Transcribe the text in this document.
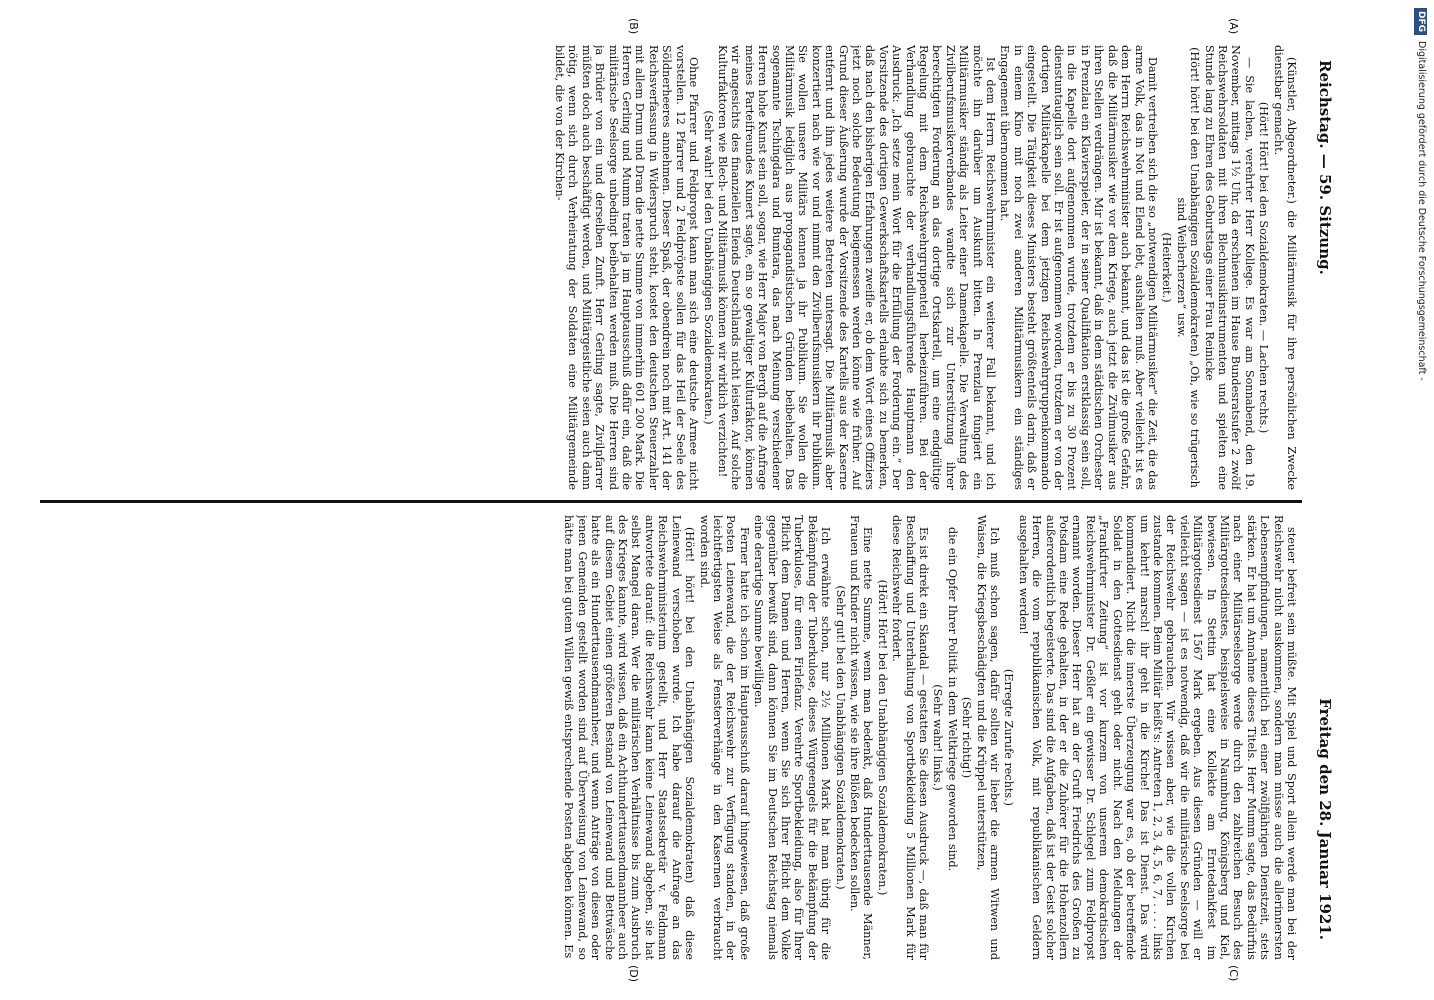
Reichstag. — 59. Sitzung.
Freitag den 28. Januar 1921.
(A)
(B)
(C)
(D)

(Künstler, Abgeordneter.) die Militärmusik für ihre persönlichen Zwecke dienstbar gemacht.

(Hört! Hört! bei den Sozialdemokraten. — Lachen rechts.)

— Sie lachen, verehrter Herr Kollege. Es war am Sonnabend, den 19. November, mittags 1½ Uhr, da erschienen im Hause Bundesratsufer 2 zwölf Reichswehrsoldaten mit ihren Blechmusikinstrumenten und spielten eine Stunde lang zu Ehren des Geburtstags einer Frau Reinicke

(Hört! hört! bei den Unabhängigen Sozialdemokraten) „Oh, wie so trügerisch sind Weiberherzen“ usw.

(Heiterkeit.)

Damit vertreiben sich die so „notwendigen Militärmusiker“ die Zeit, die das arme Volk, das in Not und Elend lebt, aushalten muß. Aber vielleicht ist es dem Herrn Reichswehrminister auch bekannt, und das ist die große Gefahr, daß die Militärmusiker wie vor dem Kriege, auch jetzt die Zivilmusiker aus ihren Stellen verdrängen. Mir ist bekannt, daß in dem städtischen Orchester in Prenzlau ein Klavierspieler, der in seiner Qualifikation erstklassig sein soll, in die Kapelle dort aufgenommen wurde, trotzdem er bis zu 30 Prozent dienstuntauglich sein soll. Er ist aufgenommen worden, trotzdem er von der dortigen Militärkapelle bei dem jetzigen Reichswehrgruppenkommando eingestellt. Die Tätigkeit dieses Ministers besteht größtenteils darin, daß er in einem Kino mit noch zwei anderen Militärmusikern ein ständiges Engagement übernommen hat.

Ist dem Herrn Reichswehrminister ein weiterer Fall bekannt, und ich möchte ihn darüber um Auskunft bitten. In Prenzlau fungiert ein Militärmusiker ständig als Leiter einer Damenkapelle. Die Verwaltung des Zivilberufsmusikerverbandes wandte sich zur Unterstützung ihrer berechtigten Forderung an das dortige Ortskartell, um eine endgültige Regelung mit dem Reichswehrgruppenteil herbeizuführen. Bei der Verhandlung gebrauchte der verhandlungsführende Hauptmann den Ausdruck: „Ich setze mein Wort für die Erfüllung der Forderung ein.“ Der Vorsitzende des dortigen Gewerkschaftskartells erlaubte sich zu bemerken, daß nach den bisherigen Erfahrungen zweifle er, ob dem Wort eines Offiziers jetzt noch solche Bedeutung beigemessen werden könne wie früher. Auf Grund dieser Äußerung wurde der Vorsitzende des Kartells aus der Kaserne entfernt und ihm jedes weitere Betreten untersagt. Die Militärmusik aber konzertiert nach wie vor und nimmt den Zivilberufsmusikern ihr Publikum. Sie wollen unsere Militärs kennen ja ihr Publikum. Sie wollen die Militärmusik lediglich aus propagandistischen Gründen beibehalten. Das sogenannte Tschingdara und Bumtara, das nach Meinung verschiedener Herren hohe Kunst sein soll, sogar, wie Herr Major von Bergh auf die Anfrage meines Parteifreundes Kunert sagte, ein so gewaltiger Kulturfaktor, können wir angesichts des finanziellen Elends Deutschlands nicht leisten. Auf solche Kulturfaktoren wie Blech- und Militärmusik können wir wirklich verzichten!

(Sehr wahr! bei den Unabhängigen Sozialdemokraten.)

Ohne Pfarrer und Feldpropst kann man sich eine deutsche Armee nicht vorstellen. 12 Pfarrer und 2 Feldpröpste sollen für das Heil der Seele des Söldnerheeres annehmen. Dieser Spaß, der obendrein noch mit Art. 141 der Reichsverfassung in Widerspruch steht, kostet den deutschen Steuerzahler mit allem Drum und Dran die nette Summe von immerhin 601 200 Mark. Die Herren Gerling und Mumm traten ja im Hauptausschuß dafür ein, daß die militärische Seelsorge unbedingt beibehalten werden muß. Die Herren sind ja Brüder von ein und derselben Zunft. Herr Gerling sagte, Zivilpfarrer müßten doch auch beschäftigt werden, und Militärgeistliche seien auch dann nötig, wenn sich durch Verheiratung der Soldaten eine Militärgemeinde bildet, die von der Kirchen-

steuer befreit sein müßte. Mit Spiel und Sport allein werde man bei der Reichswehr nicht auskommen, sondern man müsse auch die allerinnersten Lebensempfindungen, namentlich bei einer zwölfjährigen Dienstzeit, stets stärken. Er hat um Annahme dieses Titels. Herr Mumm sagte, das Bedürfnis nach einer Militärseelsorge werde durch den zahlreichen Besuch des Militärgottesdienstes, beispielsweise in Naumburg, Königsberg und Kiel, bewiesen. In Stettin hat eine Kollekte am Erntedankfest im Militärgottesdienst 1567 Mark ergeben. Aus diesen Gründen — will er vielleicht sagen — ist es notwendig, daß wir die militärische Seelsorge bei der Reichswehr gebrauchen. Wir wissen aber, wie die vollen Kirchen zustande kommen. Beim Militär heißt's: Antreten 1, 2, 3, 4, 5, 6, 7, . . . . links um kehrt! marsch! ihr geht in die Kirche! Das ist Dienst. Das wird kommandiert. Nicht die innerste Überzeugung war es, ob der betreffende Soldat in den Gottesdienst geht oder nicht. Nach den Meldungen der „Frankfurter Zeitung“ ist vor kurzem von unserem demokratischen Reichswehrminister Dr. Geßler ein gewisser Dr. Schlegel zum Feldpropst ernannt worden. Dieser Herr hat an der Gruft Friedrichs des Großen zu Potsdam eine Rede gehalten, in der er die Zuhörer für die Hohenzollern außerordentlich begeisterte. Das sind die Aufgaben, daß ist der Geist solcher Herren, die vom republikanischen Volk, mit republikanischen Geldern ausgehalten werden!

(Erregte Zurufe rechts.)

Ich muß schon sagen, dafür sollten wir lieber die armen Witwen und Waisen, die Kriegsbeschädigten und die Krüppel unterstützen,

(Sehr richtig!)

die ein Opfer Ihrer Politik in dem Weltkriege geworden sind.

(Sehr wahr! links.)

Es ist direkt ein Skandal — gestatten Sie diesen Ausdruck —, daß man für Beschaffung und Unterhaltung von Sportbekleidung 5 Millionen Mark für diese Reichswehr fordert.

(Hört! Hört! bei den Unabhängigen Sozialdemokraten.)

Eine nette Summe, wenn man bedenkt, daß Hunderttausende Männer, Frauen und Kinder nicht wissen, wie sie ihre Blößen bedecken sollen.

(Sehr gut! bei den Unabhängigen Sozialdemokraten.)

Ich erwähnte schon, nur 2½ Millionen Mark hat man übrig für die Bekämpfung der Tuberkulose, dieses Würgeengels für die Bekämpfung der Tuberkulose, für einen Firlefanz. Verehrte Sportbekleidung, also für Ihrer Pflicht dem Damen und Herren, wenn Sie sich Ihrer Pflicht dem Volke gegenüber bewußt sind, dann können Sie im Deutschen Reichstag niemals eine derartige Summe bewilligen.

Ferner hatte ich schon im Hauptausschuß darauf hingewiesen, daß große Posten Leinewand, die der Reichswehr zur Verfügung standen, in der leichtfertigsten Weise als Fensterverhänge in den Kasernen verbraucht worden sind.

(Hört! hört! bei den Unabhängigen Sozialdemokraten) daß diese Leinewand verschoben wurde. Ich habe darauf die Anfrage an das Reichswehrministerium gestellt, und Herr Staatssekretär v. Feldmann antwortete darauf: die Reichswehr kann keine Leinewand abgeben, sie hat selbst Mangel daran. Wer die militärischen Verhältnisse bis zum Ausbruch des Krieges kannte, wird wissen, daß ein Achthunderttausendmannheer auch auf diesem Gebiet einen größeren Bestand von Leinewand und Bettwäsche hatte als ein Hunderttausendmannheer, und wenn Anträge von diesen oder jenen Gemeinden gestellt worden sind auf Überweisung von Leinewand, so hätte man bei gutem Willen gewiß entsprechende Posten abgeben können. Es

DFGDigitalisierung gefördert durch die Deutsche Forschungsgemeinschaft -
